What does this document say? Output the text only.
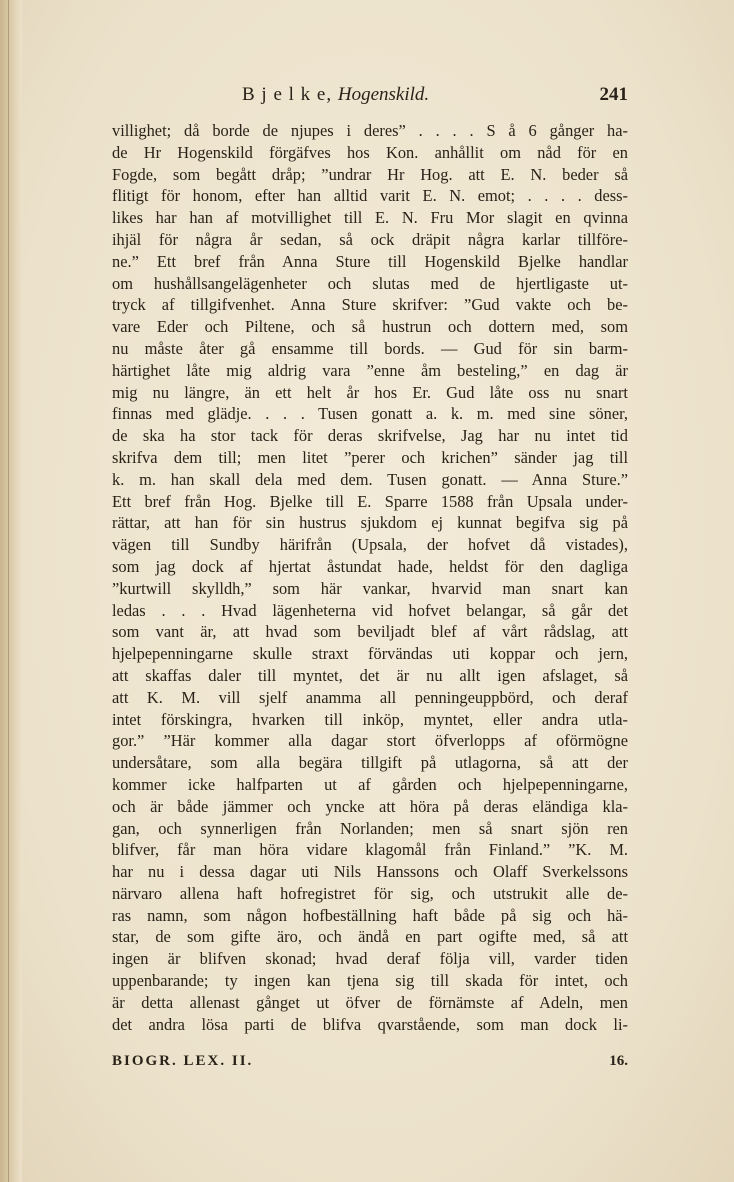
B j e l k e, Hogenskild.	241
villighet; då borde de njupes i deres” . . . . S å 6 gånger ha-
de Hr Hogenskild förgäfves hos Kon. anhållit om nåd för en
Fogde, som begått dråp; ”undrar Hr Hog. att E. N. beder så
flitigt för honom, efter han alltid varit E. N. emot; . . . . dess-
likes har han af motvillighet till E. N. Fru Mor slagit en qvinna
ihjäl för några år sedan, så ock dräpit några karlar tillföre-
ne.” Ett bref från Anna Sture till Hogenskild Bjelke handlar
om hushållsangelägenheter och slutas med de hjertligaste ut-
tryck af tillgifvenhet. Anna Sture skrifver: ”Gud vakte och be-
vare Eder och Piltene, och så hustrun och dottern med, som
nu måste åter gå ensamme till bords. — Gud för sin barm-
härtighet låte mig aldrig vara ”enne åm besteling,” en dag är
mig nu längre, än ett helt år hos Er. Gud låte oss nu snart
finnas med glädje. . . . Tusen gonatt a. k. m. med sine söner,
de ska ha stor tack för deras skrifvelse, Jag har nu intet tid
skrifva dem till; men litet ”perer och krichen” sänder jag till
k. m. han skall dela med dem. Tusen gonatt. — Anna Sture.”
Ett bref från Hog. Bjelke till E. Sparre 1588 från Upsala under-
rättar, att han för sin hustrus sjukdom ej kunnat begifva sig på
vägen till Sundby härifrån (Upsala, der hofvet då vistades),
som jag dock af hjertat åstundat hade, heldst för den dagliga
”kurtwill skylldh,” som här vankar, hvarvid man snart kan
ledas . . . Hvad lägenheterna vid hofvet belangar, så går det
som vant är, att hvad som beviljadt blef af vårt rådslag, att
hjelpepenningarne skulle straxt förvändas uti koppar och jern,
att skaffas daler till myntet, det är nu allt igen afslaget, så
att K. M. vill sjelf anamma all penningeuppbörd, och deraf
intet förskingra, hvarken till inköp, myntet, eller andra utla-
gor.” ”Här kommer alla dagar stort öfverlopps af oförmögne
undersåtare, som alla begära tillgift på utlagorna, så att der
kommer icke halfparten ut af gården och hjelpepenningarne,
och är både jämmer och yncke att höra på deras eländiga kla-
gan, och synnerligen från Norlanden; men så snart sjön ren
blifver, får man höra vidare klagomål från Finland.” ”K. M.
har nu i dessa dagar uti Nils Hanssons och Olaff Sverkelssons
närvaro allena haft hofregistret för sig, och utstrukit alle de-
ras namn, som någon hofbeställning haft både på sig och hä-
star, de som gifte äro, och ändå en part ogifte med, så att
ingen är blifven skonad; hvad deraf följa vill, varder tiden
uppenbarande; ty ingen kan tjena sig till skada för intet, och
är detta allenast gånget ut öfver de förnämste af Adeln, men
det andra lösa parti de blifva qvarstående, som man dock li-
BIOGR. LEX. II.	16.
